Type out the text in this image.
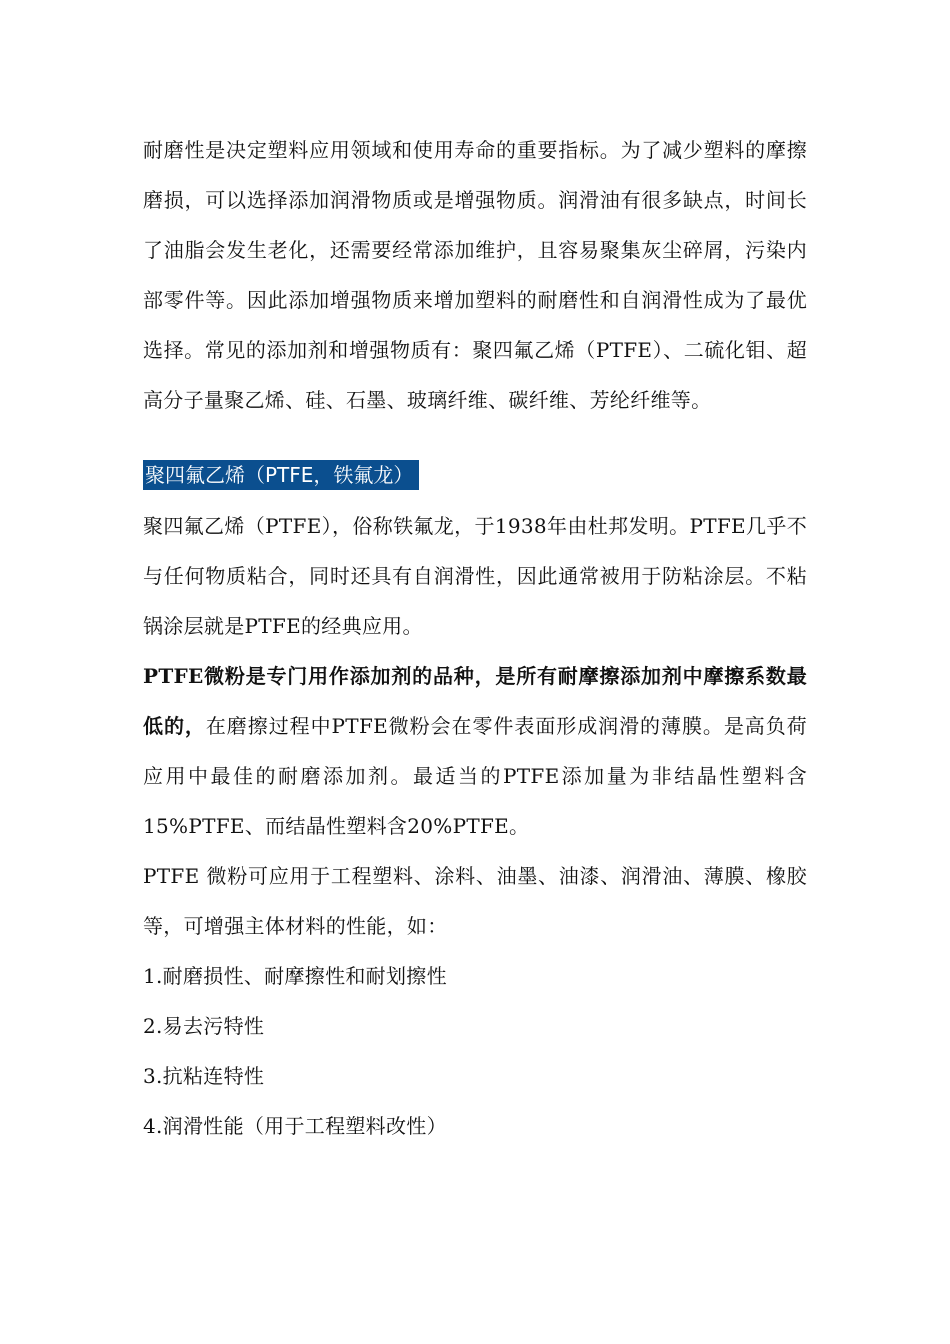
耐磨性是决定塑料应用领域和使用寿命的重要指标。为了减少塑料的摩擦磨损，可以选择添加润滑物质或是增强物质。润滑油有很多缺点，时间长了油脂会发生老化，还需要经常添加维护，且容易聚集灰尘碎屑，污染内部零件等。因此添加增强物质来增加塑料的耐磨性和自润滑性成为了最优选择。常见的添加剂和增强物质有：聚四氟乙烯（PTFE）、二硫化钼、超高分子量聚乙烯、硅、石墨、玻璃纤维、碳纤维、芳纶纤维等。

聚四氟乙烯（PTFE，铁氟龙）

聚四氟乙烯（PTFE），俗称铁氟龙，于1938年由杜邦发明。PTFE几乎不与任何物质粘合，同时还具有自润滑性，因此通常被用于防粘涂层。不粘锅涂层就是PTFE的经典应用。

PTFE微粉是专门用作添加剂的品种，是所有耐摩擦添加剂中摩擦系数最低的，在磨擦过程中PTFE微粉会在零件表面形成润滑的薄膜。是高负荷应用中最佳的耐磨添加剂。最适当的PTFE添加量为非结晶性塑料含15%PTFE、而结晶性塑料含20%PTFE。

PTFE 微粉可应用于工程塑料、涂料、油墨、油漆、润滑油、薄膜、橡胶等，可增强主体材料的性能，如：

1.耐磨损性、耐摩擦性和耐划擦性

2.易去污特性

3.抗粘连特性

4.润滑性能（用于工程塑料改性）
